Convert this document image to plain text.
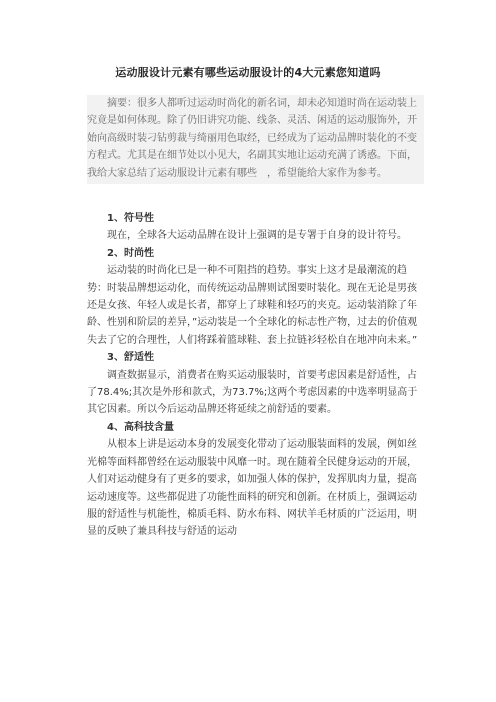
运动服设计元素有哪些运动服设计的4大元素您知道吗
摘要：很多人都听过运动时尚化的新名词，却未必知道时尚在运动装上究竟是如何体现。除了仍旧讲究功能、线条、灵活、闲适的运动服饰外，开始向高级时装刁钻剪裁与绮丽用色取经，已经成为了运动品牌时装化的不变方程式。尤其是在细节处以小见大，名副其实地让运动充满了诱惑。下面，我给大家总结了运动服设计元素有哪些　，希望能给大家作为参考。
1、符号性

现在，全球各大运动品牌在设计上强调的是专署于自身的设计符号。

2、时尚性

运动装的时尚化已是一种不可阻挡的趋势。事实上这才是最潮流的趋势：时装品牌想运动化，而传统运动品牌则试图要时装化。现在无论是男孩还是女孩、年轻人或是长者，都穿上了球鞋和轻巧的夹克。运动装消除了年龄、性别和阶层的差异，”运动装是一个全球化的标志性产物，过去的价值观失去了它的合理性，人们将踩着篮球鞋、套上拉链衫轻松自在地冲向未来。”

3、舒适性

调查数据显示，消费者在购买运动服装时，首要考虑因素是舒适性，占了78.4%;其次是外形和款式，为73.7%;这两个考虑因素的中选率明显高于其它因素。所以今后运动品牌还将延续之前舒适的要素。

4、高科技含量

从根本上讲是运动本身的发展变化带动了运动服装面料的发展，例如丝光棉等面料都曾经在运动服装中风靡一时。现在随着全民健身运动的开展，人们对运动健身有了更多的要求，如加强人体的保护，发挥肌肉力量，提高运动速度等。这些都促进了功能性面料的研究和创新。在材质上，强调运动服的舒适性与机能性，棉质毛料、防水布料、网状羊毛材质的广泛运用，明显的反映了兼具科技与舒适的运动
